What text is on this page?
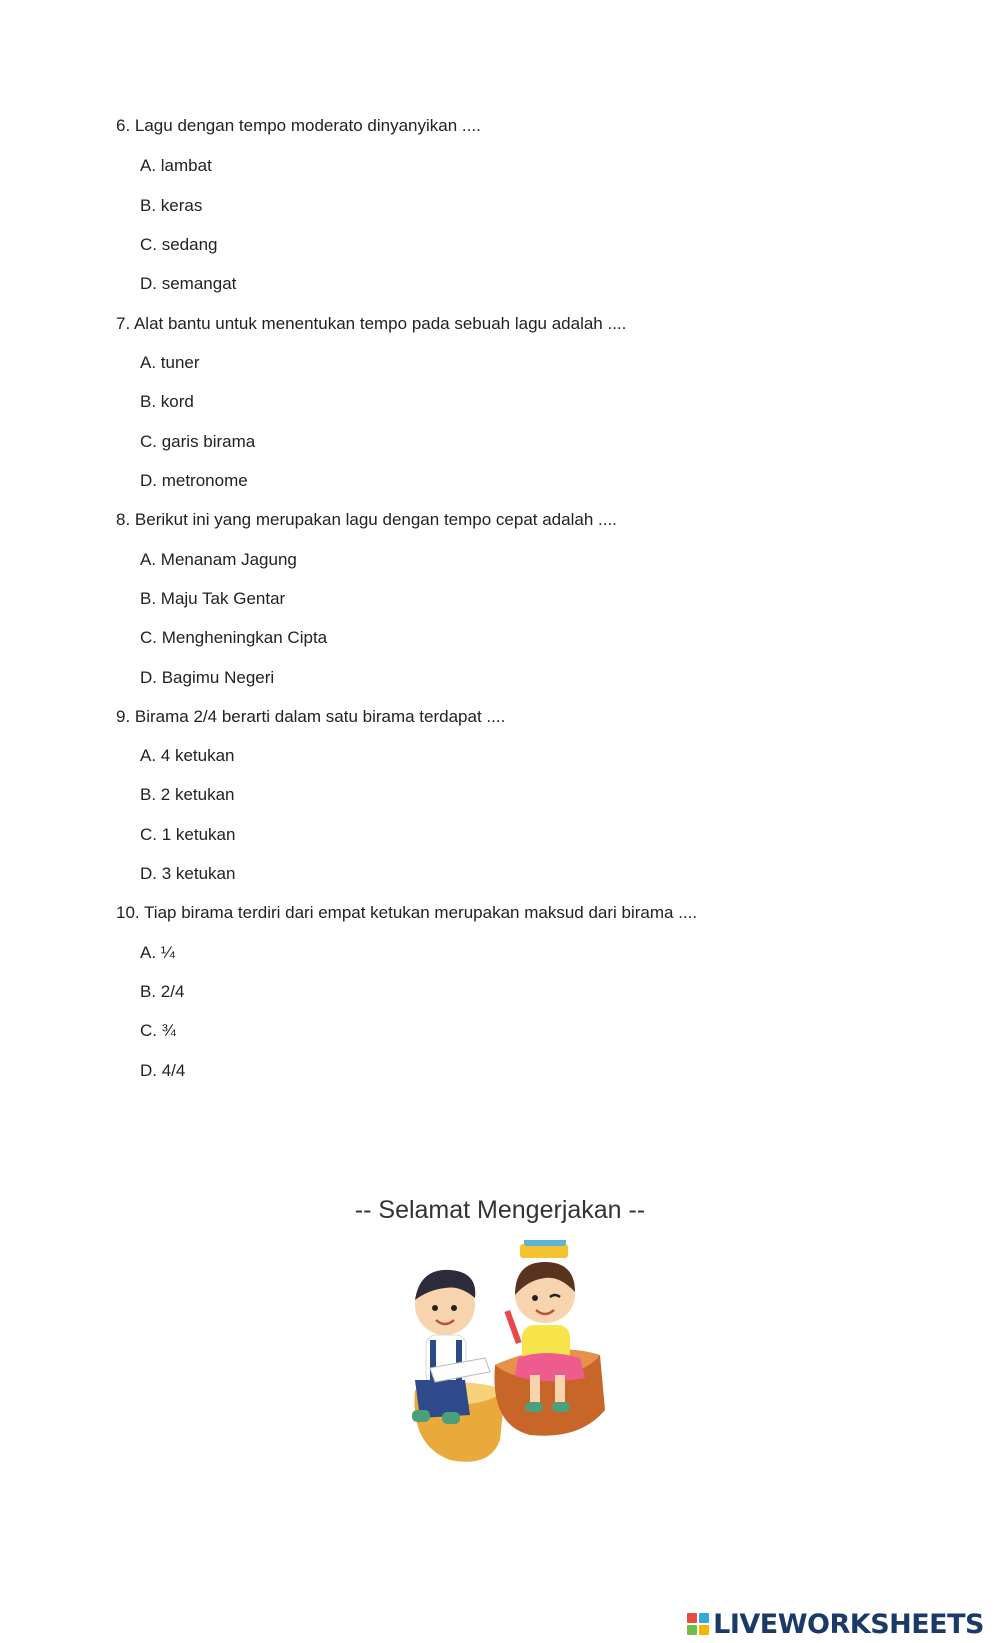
6. Lagu dengan tempo moderato dinyanyikan ....
A. lambat
B. keras
C. sedang
D. semangat
7. Alat bantu untuk menentukan tempo pada sebuah lagu adalah ....
A. tuner
B. kord
C. garis birama
D. metronome
8. Berikut ini yang merupakan lagu dengan tempo cepat adalah ....
A. Menanam Jagung
B. Maju Tak Gentar
C. Mengheningkan Cipta
D. Bagimu Negeri
9. Birama 2/4 berarti dalam satu birama terdapat ....
A. 4 ketukan
B. 2 ketukan
C. 1 ketukan
D. 3 ketukan
10. Tiap birama terdiri dari empat ketukan merupakan maksud dari birama ....
A. ¼
B. 2/4
C. ¾
D. 4/4
-- Selamat Mengerjakan --
LIVEWORKSHEETS
